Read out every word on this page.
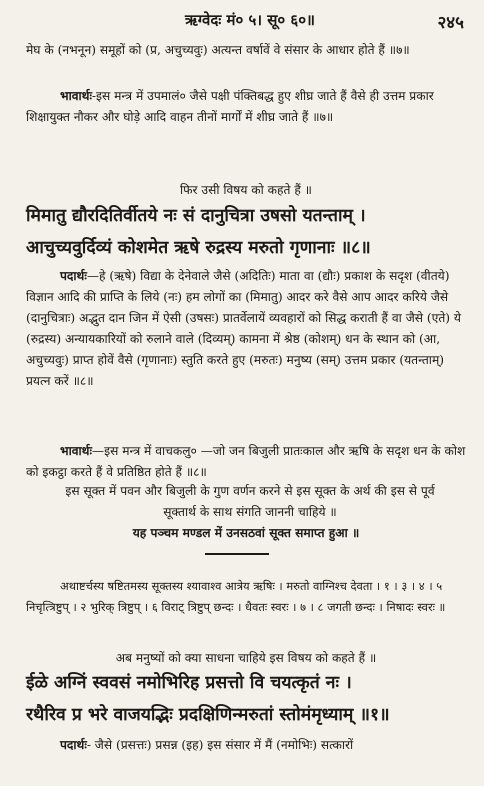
ऋग्वेदः मं० ५। सू० ६०॥	२४५
मेघ के (नभनून) समूहों को (प्र, अचुच्यवुः) अत्यन्त वर्षावें वे संसार के आधार होते हैं ॥७॥
भावार्थः-इस मन्त्र में उपमालं० जैसे पक्षी पंक्तिबद्ध हुए शीघ्र जाते हैं वैसे ही उत्तम प्रकार शिक्षायुक्त नौकर और घोड़े आदि वाहन तीनों मार्गों में शीघ्र जाते हैं ॥७॥
फिर उसी विषय को कहते हैं ॥
मिमातु द्यौरदितिर्वीतये नः सं दानुचित्रा उषसो यतन्ताम् ।
आचुच्यवुर्दिव्यं कोशमेत ऋषे रुद्रस्य मरुतो गृणानाः ॥८॥
पदार्थः—हे (ऋषे) विद्या के देनेवाले जैसे (अदितिः) माता वा (द्यौः) प्रकाश के सदृश (वीतये) विज्ञान आदि की प्राप्ति के लिये (नः) हम लोगों का (मिमातु) आदर करे वैसे आप आदर करिये जैसे (दानुचित्राः) अद्भुत दान जिन में ऐसी (उषसः) प्रातर्वेलायें व्यवहारों को सिद्ध कराती हैं वा जैसे (एते) ये (रुद्रस्य) अन्यायकारियों को रुलाने वाले (दिव्यम्) कामना में श्रेष्ठ (कोशम्) धन के स्थान को (आ, अचुच्यवुः) प्राप्त होवें वैसे (गृणानाः) स्तुति करते हुए (मरुतः) मनुष्य (सम्) उत्तम प्रकार (यतन्ताम्) प्रयत्न करें ॥८॥
भावार्थः—इस मन्त्र में वाचकलु० —जो जन बिजुली प्रातःकाल और ऋषि के सदृश धन के कोश को इकट्ठा करते हैं वे प्रतिष्ठित होते हैं ॥८॥
इस सूक्त में पवन और बिजुली के गुण वर्णन करने से इस सूक्त के अर्थ की इस से पूर्व सूक्तार्थ के साथ संगति जाननी चाहिये ॥
यह पञ्चम मण्डल में उनसठवां सूक्त समाप्त हुआ ॥
अथाष्टर्चस्य षष्टितमस्य सूक्तस्य श्यावाश्व आत्रेय ऋषिः । मरुतो वाग्निश्च देवता । १ । ३ । ४ । ५ निचृत्त्रिष्टुप् । २ भुरिक् त्रिष्टुप् । ६ विराट् त्रिष्टुप् छन्दः । धैवतः स्वरः । ७ । ८ जगती छन्दः । निषादः स्वरः ॥
अब मनुष्यों को क्या साधना चाहिये इस विषय को कहते हैं ॥
ईळे अग्निं स्ववसं नमोभिरिह प्रसत्तो वि चयत्कृतं नः ।
रथैरिव प्र भरे वाजयद्भिः प्रदक्षिणिन्मरुतां स्तोमंमृध्याम् ॥१॥
पदार्थः- जैसे (प्रसत्तः) प्रसन्न (इह) इस संसार में मैं (नमोभिः) सत्कारों
